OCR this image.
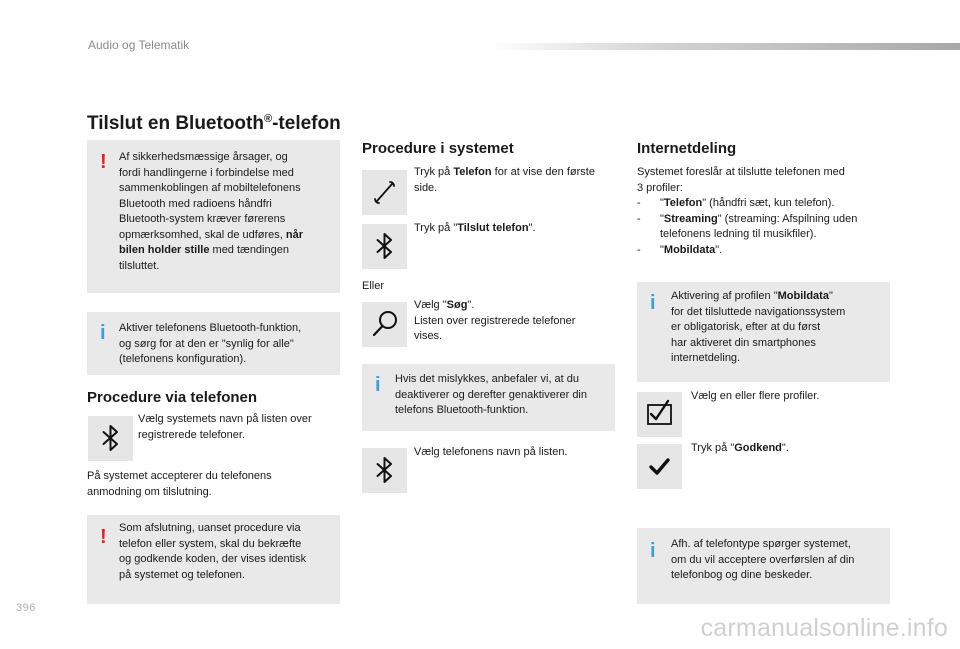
Audio og Telematik
Tilslut en Bluetooth®-telefon
! Af sikkerhedsmæssige årsager, og
fordi handlingerne i forbindelse med
sammenkoblingen af mobiltelefonens
Bluetooth med radioens håndfri
Bluetooth-system kræver førerens
opmærksomhed, skal de udføres, når
bilen holder stille med tændingen
tilsluttet.
i Aktiver telefonens Bluetooth-funktion,
og sørg for at den er "synlig for alle"
(telefonens konfiguration).
Procedure via telefonen
Vælg systemets navn på listen over
registrerede telefoner.
På systemet accepterer du telefonens
anmodning om tilslutning.
! Som afslutning, uanset procedure via
telefon eller system, skal du bekræfte
og godkende koden, der vises identisk
på systemet og telefonen.
Procedure i systemet
Tryk på Telefon for at vise den første
side.
Tryk på "Tilslut telefon".
Eller
Vælg "Søg".
Listen over registrerede telefoner
vises.
i Hvis det mislykkes, anbefaler vi, at du
deaktiverer og derefter genaktiverer din
telefons Bluetooth-funktion.
Vælg telefonens navn på listen.
Internetdeling
Systemet foreslår at tilslutte telefonen med
3 profiler:
- "Telefon" (håndfri sæt, kun telefon).
- "Streaming" (streaming: Afspilning uden
telefonens ledning til musikfiler).
- "Mobildata".
i Aktivering af profilen "Mobildata"
for det tilsluttede navigationssystem
er obligatorisk, efter at du først
har aktiveret din smartphones
internetdeling.
Vælg en eller flere profiler.
Tryk på "Godkend".
i Afh. af telefontype spørger systemet,
om du vil acceptere overførslen af din
telefonbog og dine beskeder.
396
carmanualsonline.info
